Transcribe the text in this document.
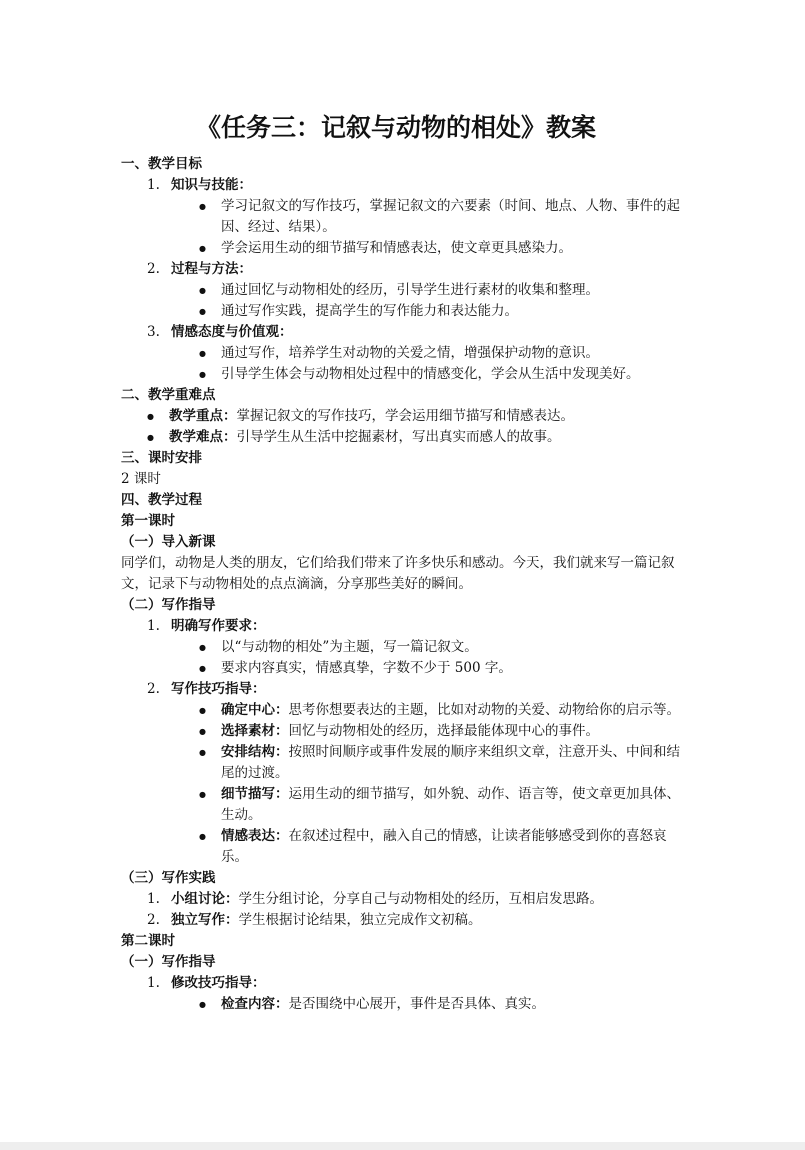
《任务三：记叙与动物的相处》教案
一、教学目标
1. 知识与技能：
● 学习记叙文的写作技巧，掌握记叙文的六要素（时间、地点、人物、事件的起因、经过、结果）。
● 学会运用生动的细节描写和情感表达，使文章更具感染力。
2. 过程与方法：
● 通过回忆与动物相处的经历，引导学生进行素材的收集和整理。
● 通过写作实践，提高学生的写作能力和表达能力。
3. 情感态度与价值观：
● 通过写作，培养学生对动物的关爱之情，增强保护动物的意识。
● 引导学生体会与动物相处过程中的情感变化，学会从生活中发现美好。
二、教学重难点
● 教学重点：掌握记叙文的写作技巧，学会运用细节描写和情感表达。
● 教学难点：引导学生从生活中挖掘素材，写出真实而感人的故事。
三、课时安排
2 课时
四、教学过程
第一课时
（一）导入新课
同学们，动物是人类的朋友，它们给我们带来了许多快乐和感动。今天，我们就来写一篇记叙文，记录下与动物相处的点点滴滴，分享那些美好的瞬间。
（二）写作指导
1. 明确写作要求：
● 以“与动物的相处”为主题，写一篇记叙文。
● 要求内容真实，情感真挚，字数不少于 500 字。
2. 写作技巧指导：
● 确定中心：思考你想要表达的主题，比如对动物的关爱、动物给你的启示等。
● 选择素材：回忆与动物相处的经历，选择最能体现中心的事件。
● 安排结构：按照时间顺序或事件发展的顺序来组织文章，注意开头、中间和结尾的过渡。
● 细节描写：运用生动的细节描写，如外貌、动作、语言等，使文章更加具体、生动。
● 情感表达：在叙述过程中，融入自己的情感，让读者能够感受到你的喜怒哀乐。
（三）写作实践
1. 小组讨论：学生分组讨论，分享自己与动物相处的经历，互相启发思路。
2. 独立写作：学生根据讨论结果，独立完成作文初稿。
第二课时
（一）写作指导
1. 修改技巧指导：
● 检查内容：是否围绕中心展开，事件是否具体、真实。
